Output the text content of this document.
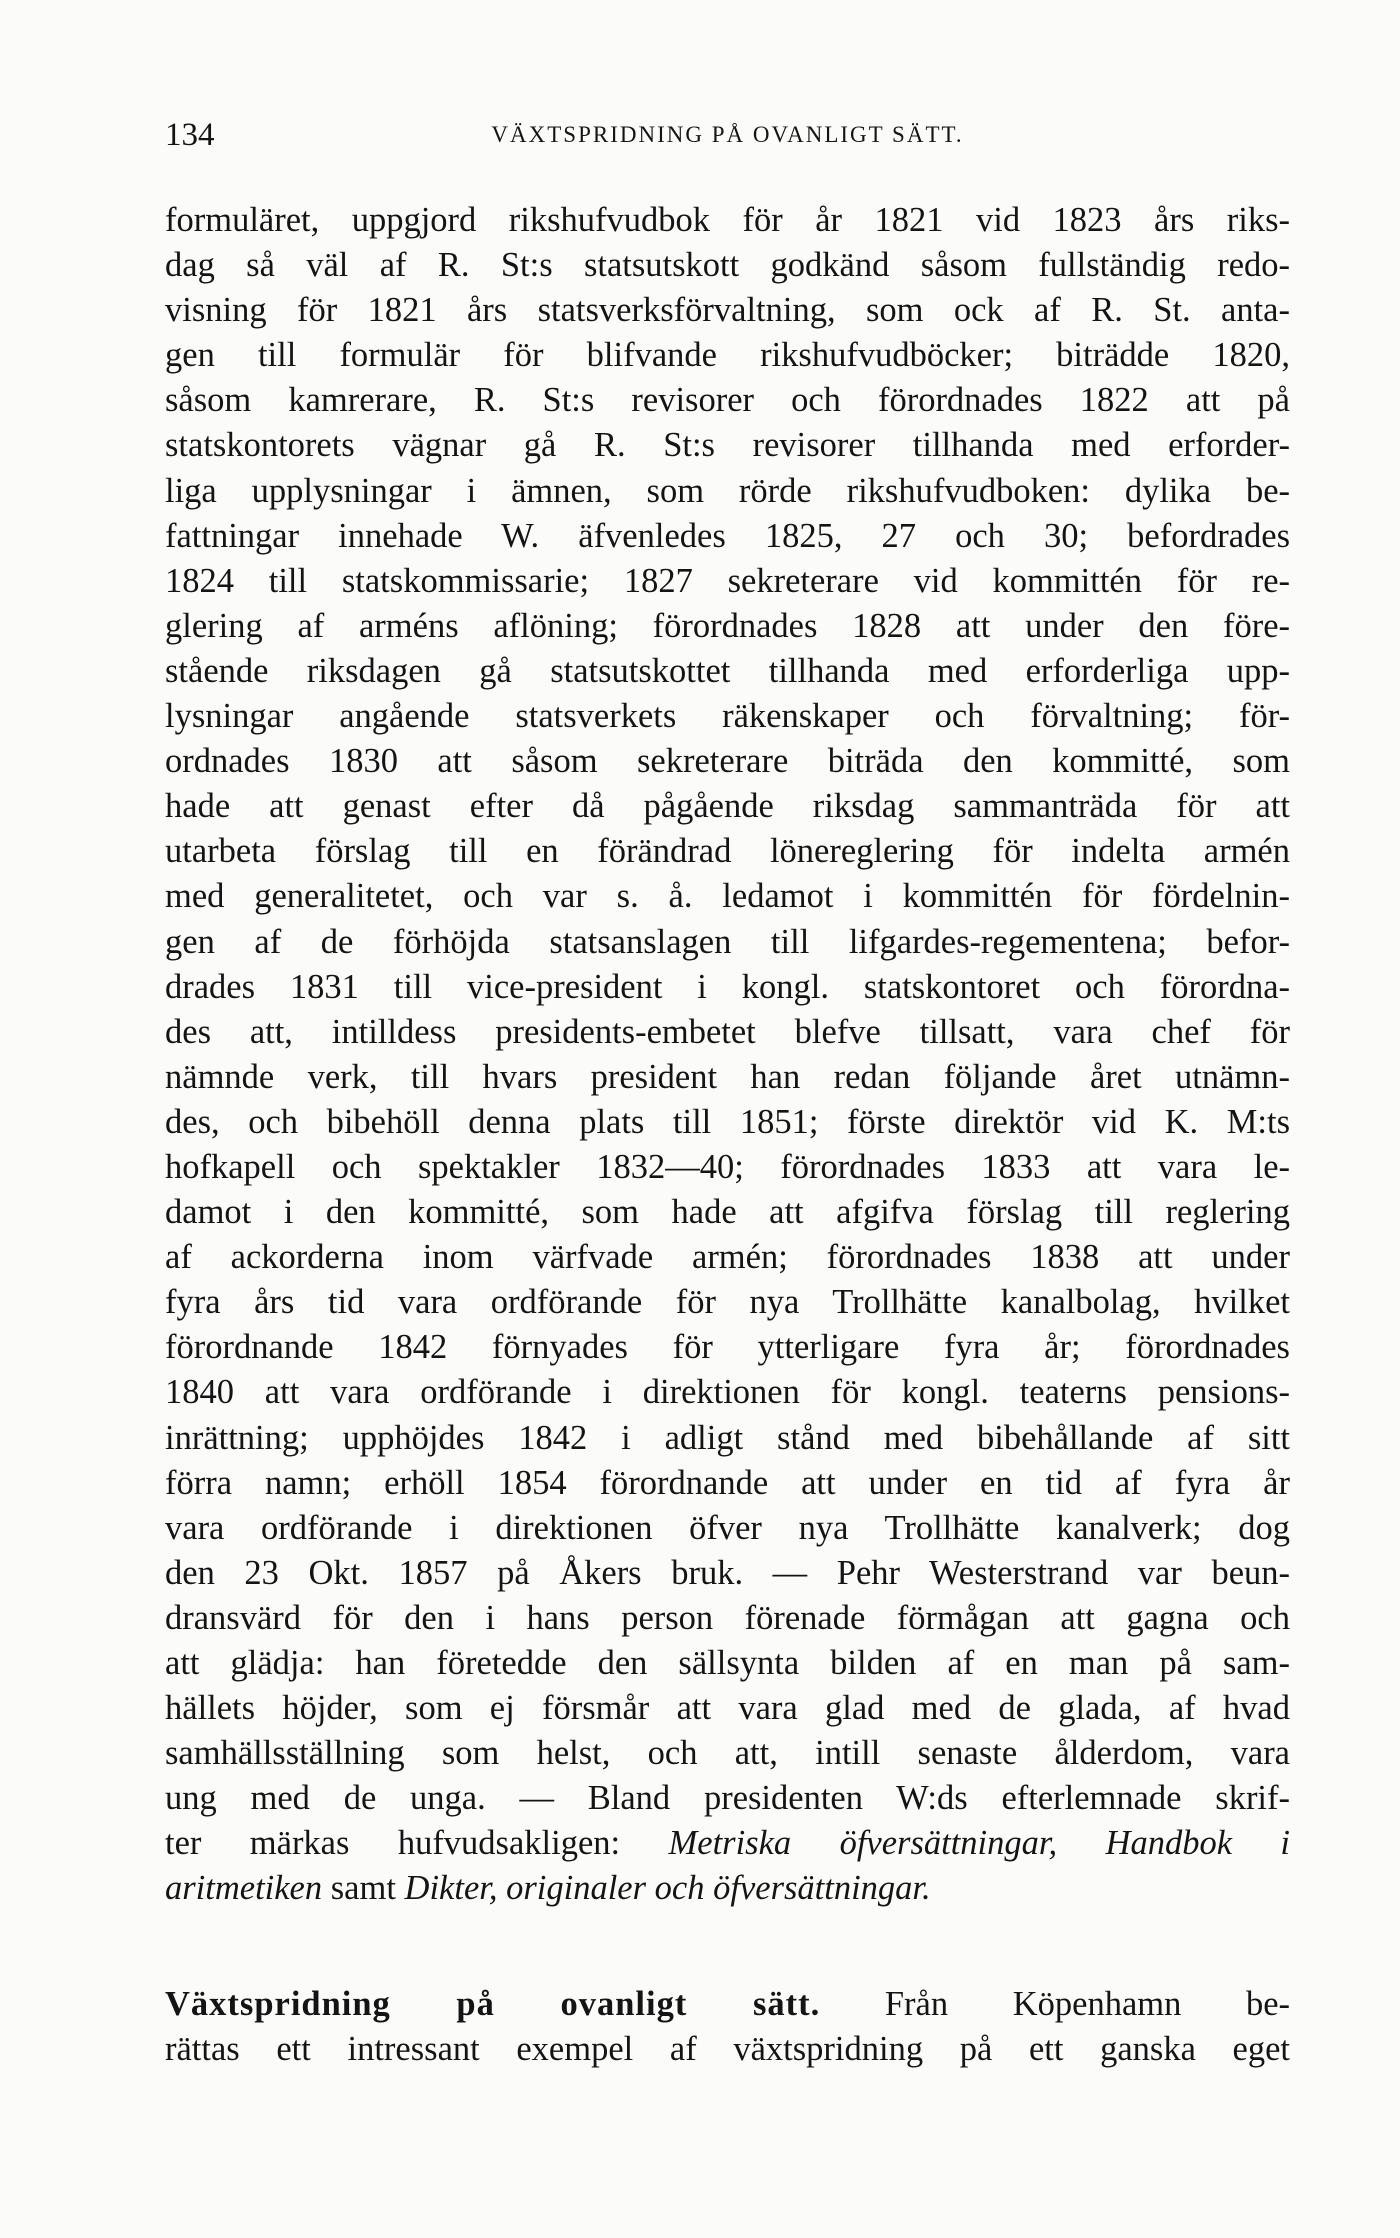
134	VÄXTSPRIDNING PÅ OVANLIGT SÄTT.
formuläret, uppgjord rikshufvudbok för år 1821 vid 1823 års riks-
dag så väl af R. St:s statsutskott godkänd såsom fullständig redo-
visning för 1821 års statsverksförvaltning, som ock af R. St. anta-
gen till formulär för blifvande rikshufvudböcker; biträdde 1820,
såsom kamrerare, R. St:s revisorer och förordnades 1822 att på
statskontorets vägnar gå R. St:s revisorer tillhanda med erforder-
liga upplysningar i ämnen, som rörde rikshufvudboken: dylika be-
fattningar innehade W. äfvenledes 1825, 27 och 30; befordrades
1824 till statskommissarie; 1827 sekreterare vid kommittén för re-
glering af arméns aflöning; förordnades 1828 att under den före-
stående riksdagen gå statsutskottet tillhanda med erforderliga upp-
lysningar angående statsverkets räkenskaper och förvaltning; för-
ordnades 1830 att såsom sekreterare biträda den kommitté, som
hade att genast efter då pågående riksdag sammanträda för att
utarbeta förslag till en förändrad lönereglering för indelta armén
med generalitetet, och var s. å. ledamot i kommittén för fördelnin-
gen af de förhöjda statsanslagen till lifgardes-regementena; befor-
drades 1831 till vice-president i kongl. statskontoret och förordna-
des att, intilldess presidents-embetet blefve tillsatt, vara chef för
nämnde verk, till hvars president han redan följande året utnämn-
des, och bibehöll denna plats till 1851; förste direktör vid K. M:ts
hofkapell och spektakler 1832—40; förordnades 1833 att vara le-
damot i den kommitté, som hade att afgifva förslag till reglering
af ackorderna inom värfvade armén; förordnades 1838 att under
fyra års tid vara ordförande för nya Trollhätte kanalbolag, hvilket
förordnande 1842 förnyades för ytterligare fyra år; förordnades
1840 att vara ordförande i direktionen för kongl. teaterns pensions-
inrättning; upphöjdes 1842 i adligt stånd med bibehållande af sitt
förra namn; erhöll 1854 förordnande att under en tid af fyra år
vara ordförande i direktionen öfver nya Trollhätte kanalverk; dog
den 23 Okt. 1857 på Åkers bruk. — Pehr Westerstrand var beun-
dransvärd för den i hans person förenade förmågan att gagna och
att glädja: han företedde den sällsynta bilden af en man på sam-
hällets höjder, som ej försmår att vara glad med de glada, af hvad
samhällsställning som helst, och att, intill senaste ålderdom, vara
ung med de unga. — Bland presidenten W:ds efterlemnade skrif-
ter märkas hufvudsakligen: Metriska öfversättningar, Handbok i
aritmetiken samt Dikter, originaler och öfversättningar.
Växtspridning på ovanligt sätt. Från Köpenhamn be-
rättas ett intressant exempel af växtspridning på ett ganska eget
